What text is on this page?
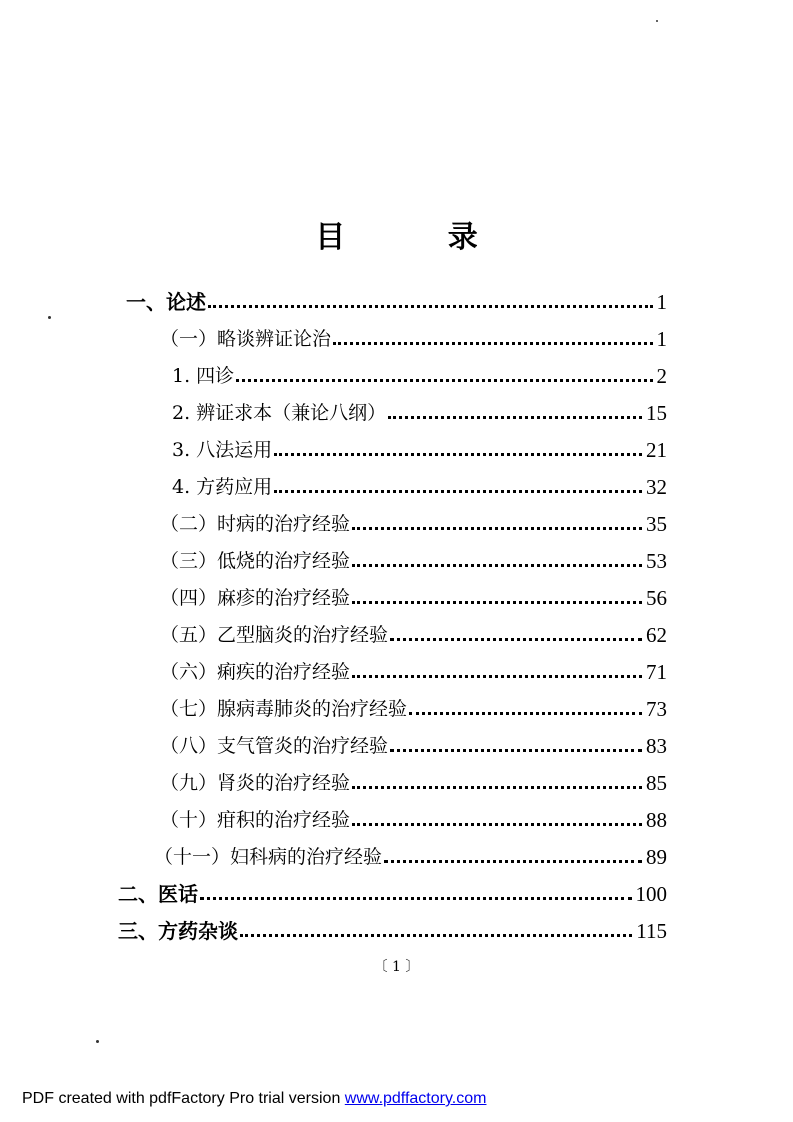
目 录
一、论述	1
（一）略谈辨证论治	1
1. 四诊	2
2. 辨证求本（兼论八纲）	15
3. 八法运用	21
4. 方药应用	32
（二）时病的治疗经验	35
（三）低烧的治疗经验	53
（四）麻疹的治疗经验	56
（五）乙型脑炎的治疗经验	62
（六）痢疾的治疗经验	71
（七）腺病毒肺炎的治疗经验	73
（八）支气管炎的治疗经验	83
（九）肾炎的治疗经验	85
（十）疳积的治疗经验	88
（十一）妇科病的治疗经验	89
二、医话	100
三、方药杂谈	115
〔 1 〕
PDF created with pdfFactory Pro trial version www.pdffactory.com
